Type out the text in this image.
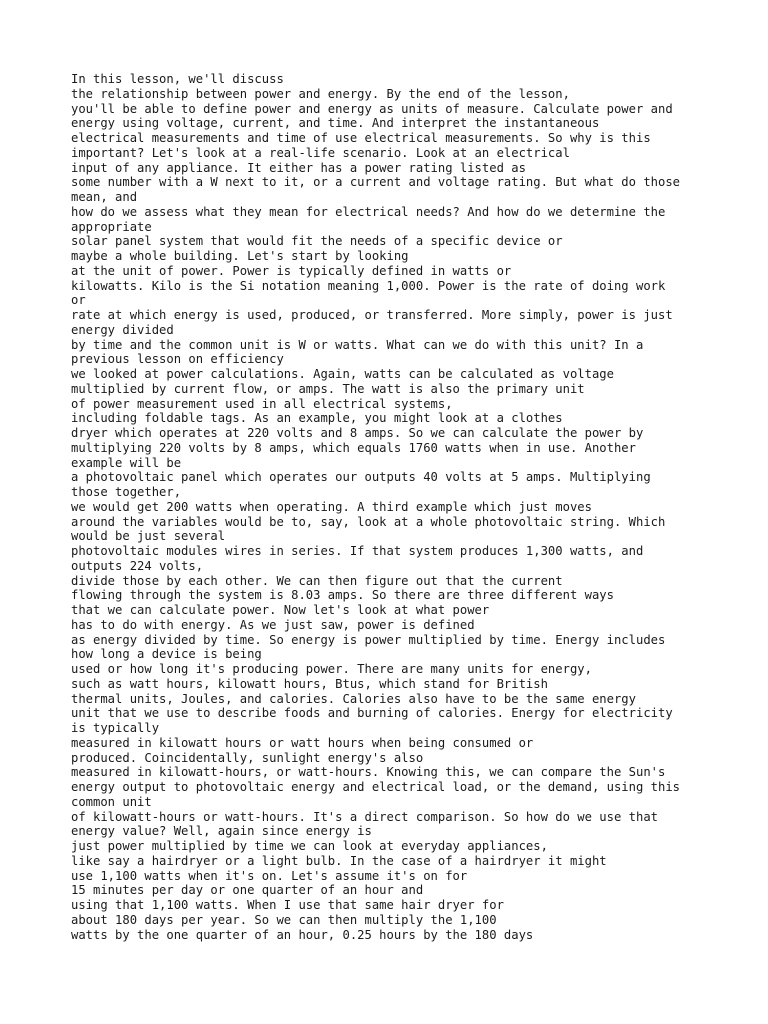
In this lesson, we'll discuss
the relationship between power and energy. By the end of the lesson,
you'll be able to define power and energy as units of measure. Calculate power and
energy using voltage, current, and time. And interpret the instantaneous
electrical measurements and time of use electrical measurements. So why is this
important? Let's look at a real-life scenario. Look at an electrical
input of any appliance. It either has a power rating listed as
some number with a W next to it, or a current and voltage rating. But what do those
mean, and
how do we assess what they mean for electrical needs? And how do we determine the
appropriate
solar panel system that would fit the needs of a specific device or
maybe a whole building. Let's start by looking
at the unit of power. Power is typically defined in watts or
kilowatts. Kilo is the Si notation meaning 1,000. Power is the rate of doing work
or
rate at which energy is used, produced, or transferred. More simply, power is just
energy divided
by time and the common unit is W or watts. What can we do with this unit? In a
previous lesson on efficiency
we looked at power calculations. Again, watts can be calculated as voltage
multiplied by current flow, or amps. The watt is also the primary unit
of power measurement used in all electrical systems,
including foldable tags. As an example, you might look at a clothes
dryer which operates at 220 volts and 8 amps. So we can calculate the power by
multiplying 220 volts by 8 amps, which equals 1760 watts when in use. Another
example will be
a photovoltaic panel which operates our outputs 40 volts at 5 amps. Multiplying
those together,
we would get 200 watts when operating. A third example which just moves
around the variables would be to, say, look at a whole photovoltaic string. Which
would be just several
photovoltaic modules wires in series. If that system produces 1,300 watts, and
outputs 224 volts,
divide those by each other. We can then figure out that the current
flowing through the system is 8.03 amps. So there are three different ways
that we can calculate power. Now let's look at what power
has to do with energy. As we just saw, power is defined
as energy divided by time. So energy is power multiplied by time. Energy includes
how long a device is being
used or how long it's producing power. There are many units for energy,
such as watt hours, kilowatt hours, Btus, which stand for British
thermal units, Joules, and calories. Calories also have to be the same energy
unit that we use to describe foods and burning of calories. Energy for electricity
is typically
measured in kilowatt hours or watt hours when being consumed or
produced. Coincidentally, sunlight energy's also
measured in kilowatt-hours, or watt-hours. Knowing this, we can compare the Sun's
energy output to photovoltaic energy and electrical load, or the demand, using this
common unit
of kilowatt-hours or watt-hours. It's a direct comparison. So how do we use that
energy value? Well, again since energy is
just power multiplied by time we can look at everyday appliances,
like say a hairdryer or a light bulb. In the case of a hairdryer it might
use 1,100 watts when it's on. Let's assume it's on for
15 minutes per day or one quarter of an hour and
using that 1,100 watts. When I use that same hair dryer for
about 180 days per year. So we can then multiply the 1,100
watts by the one quarter of an hour, 0.25 hours by the 180 days
